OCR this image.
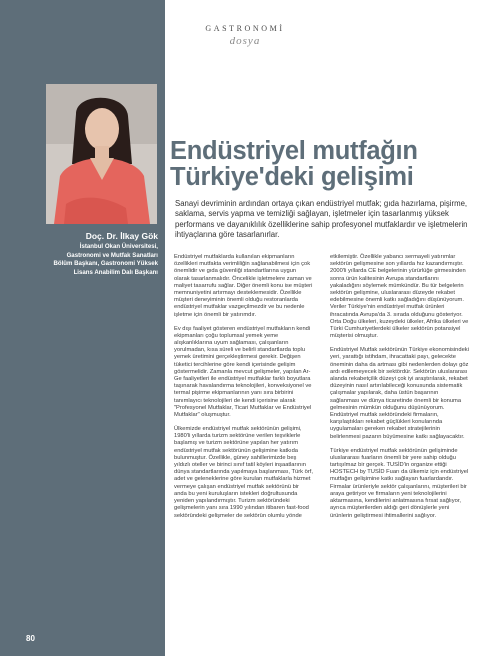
Doç. Dr. İlkay Gök
İstanbul Okan Üniversitesi,
Gastronomi ve Mutfak Sanatları
Bölüm Başkanı, Gastronomi Yüksek
Lisans Anabilim Dalı Başkanı
80
GASTRONOMİ
dosya
Endüstriyel mutfağın
Türkiye'deki gelişimi
Sanayi devriminin ardından ortaya çıkan endüstriyel mutfak; gıda hazırlama, pişirme, saklama, servis yapma ve temizliği sağlayan, işletmeler için tasarlanmış yüksek performans ve dayanıklılık özelliklerine sahip profesyonel mutfaklardır ve işletmelerin ihtiyaçlarına göre tasarlanırlar.

Endüstriyel mutfaklarda kullanılan ekipmanların özellikleri mutfakta verimliliğin sağlanabilmesi için çok önemlidir ve gıda güvenliği standartlarına uygun olarak tasarlanmalıdır. Öncelikle işletmelere zaman ve maliyet tasarrufu sağlar. Diğer önemli konu ise müşteri memnuniyetini artırmayı desteklemesidir. Özellikle müşteri deneyiminin önemli olduğu restoranlarda endüstriyel mutfaklar vazgeçilmezdir ve bu nedenle işletme için önemli bir yatırımdır.

Ev dışı faaliyet gösteren endüstriyel mutfakların kendi ekipmanları çoğu toplumsal yemek yeme alışkanlıklarına uyum sağlaması, çalışanların yorulmadan, kısa süreli ve belirli standartlarda toplu yemek üretimini gerçekleştirmesi gerekir. Değişen tüketici tercihlerine göre kendi içerisinde gelişim göstermelidir. Zamanla mevcut gelişmeler, yapılan Ar-Ge faaliyetleri ile endüstriyel mutfaklar farklı boyutlara taşınarak havalandırma teknolojileri, konveksiyonel ve termal pişirme ekipmanlarının yanı sıra birbirini tanımlayıcı teknolojileri de kendi içerisine alarak "Profesyonel Mutfaklar, Ticari Mutfaklar ve Endüstriyel Mutfaklar" oluşmuştur.

Ülkemizde endüstriyel mutfak sektörünün gelişimi, 1980'li yıllarda turizm sektörüne verilen teşviklerle başlamış ve turizm sektörüne yapılan her yatırım endüstriyel mutfak sektörünün gelişimine katkıda bulunmuştur. Özellikle, güney sahillerimizde beş yıldızlı oteller ve birinci sınıf tatil köyleri inşaatlarının dünya standartlarında yapılmaya başlanması, Türk örf, adet ve geleneklerine göre kurulan mutfaklarla hizmet vermeye çalışan endüstriyel mutfak sektörünü bir anda bu yeni kuruluşların istekleri doğrultusunda yeniden yapılandırmıştır. Turizm sektöründeki gelişmelerin yanı sıra 1990 yılından itibaren fast-food sektöründeki gelişmeler de sektörün olumlu yönde

etkilemiştir. Özellikle yabancı sermayeli yatırımlar sektörün gelişmesine son yıllarda hız kazandırmıştır. 2000'li yıllarda CE belgelerinin yürürlüğe girmesinden sonra ürün kalitesinin Avrupa standartlarını yakaladığını söylemek mümkündür. Bu tür belgelerin sektörün gelişmine, uluslararası düzeyde rekabet edebilmesine önemli katkı sağladığını düşünüyorum. Veriler Türkiye'nin endüstriyel mutfak ürünleri ihracatında Avrupa'da 3. sırada olduğunu gösteriyor. Orta Doğu ülkeleri, kuzeydeki ülkeler, Afrika ülkeleri ve Türki Cumhuriyetlerdeki ülkeler sektörün potansiyel müşterisi olmuştur.

Endüstriyel Mutfak sektörünün Türkiye ekonomisindeki yeri, yarattığı istihdam, ihracattaki payı, gelecekte öneminin daha da artması gibi nedenlerden dolayı göz ardı edilemeyecek bir sektördür. Sektörün uluslararası alanda rekabetçilik düzeyi çok iyi araştırılarak, rekabet düzeyinin nasıl artırılabileceği konusunda sistematik çalışmalar yapılarak, daha üstün başarının sağlanması ve dünya ticaretinde önemli bir konuma gelmesinin mümkün olduğunu düşünüyorum. Endüstriyel mutfak sektöründeki firmaların, karşılaştıkları rekabet güçlükleri konularında uygulamaları gereken rekabet stratejilerinin belirlenmesi pazarın büyümesine katkı sağlayacaktır.

Türkiye endüstriyel mutfak sektörünün gelişiminde uluslararası fuarların önemli bir yere sahip olduğu tartışılmaz bir gerçek. TUSİD'in organize ettiği HOSTECH by TUSİD Fuarı da ülkemiz için endüstriyel mutfağın gelişimine katkı sağlayan fuarlardandır. Firmalar ürünleriyle sektör çalışanlarını, müşterileri bir araya getiriyor ve firmaların yeni teknolojilerini aktarmasına, kendilerini anlatmasına fırsat sağlıyor, ayrıca müşterilerden aldığı geri dönüşlerle yeni ürünlerin geliştirmesi ihtimallerini sağlıyor.
